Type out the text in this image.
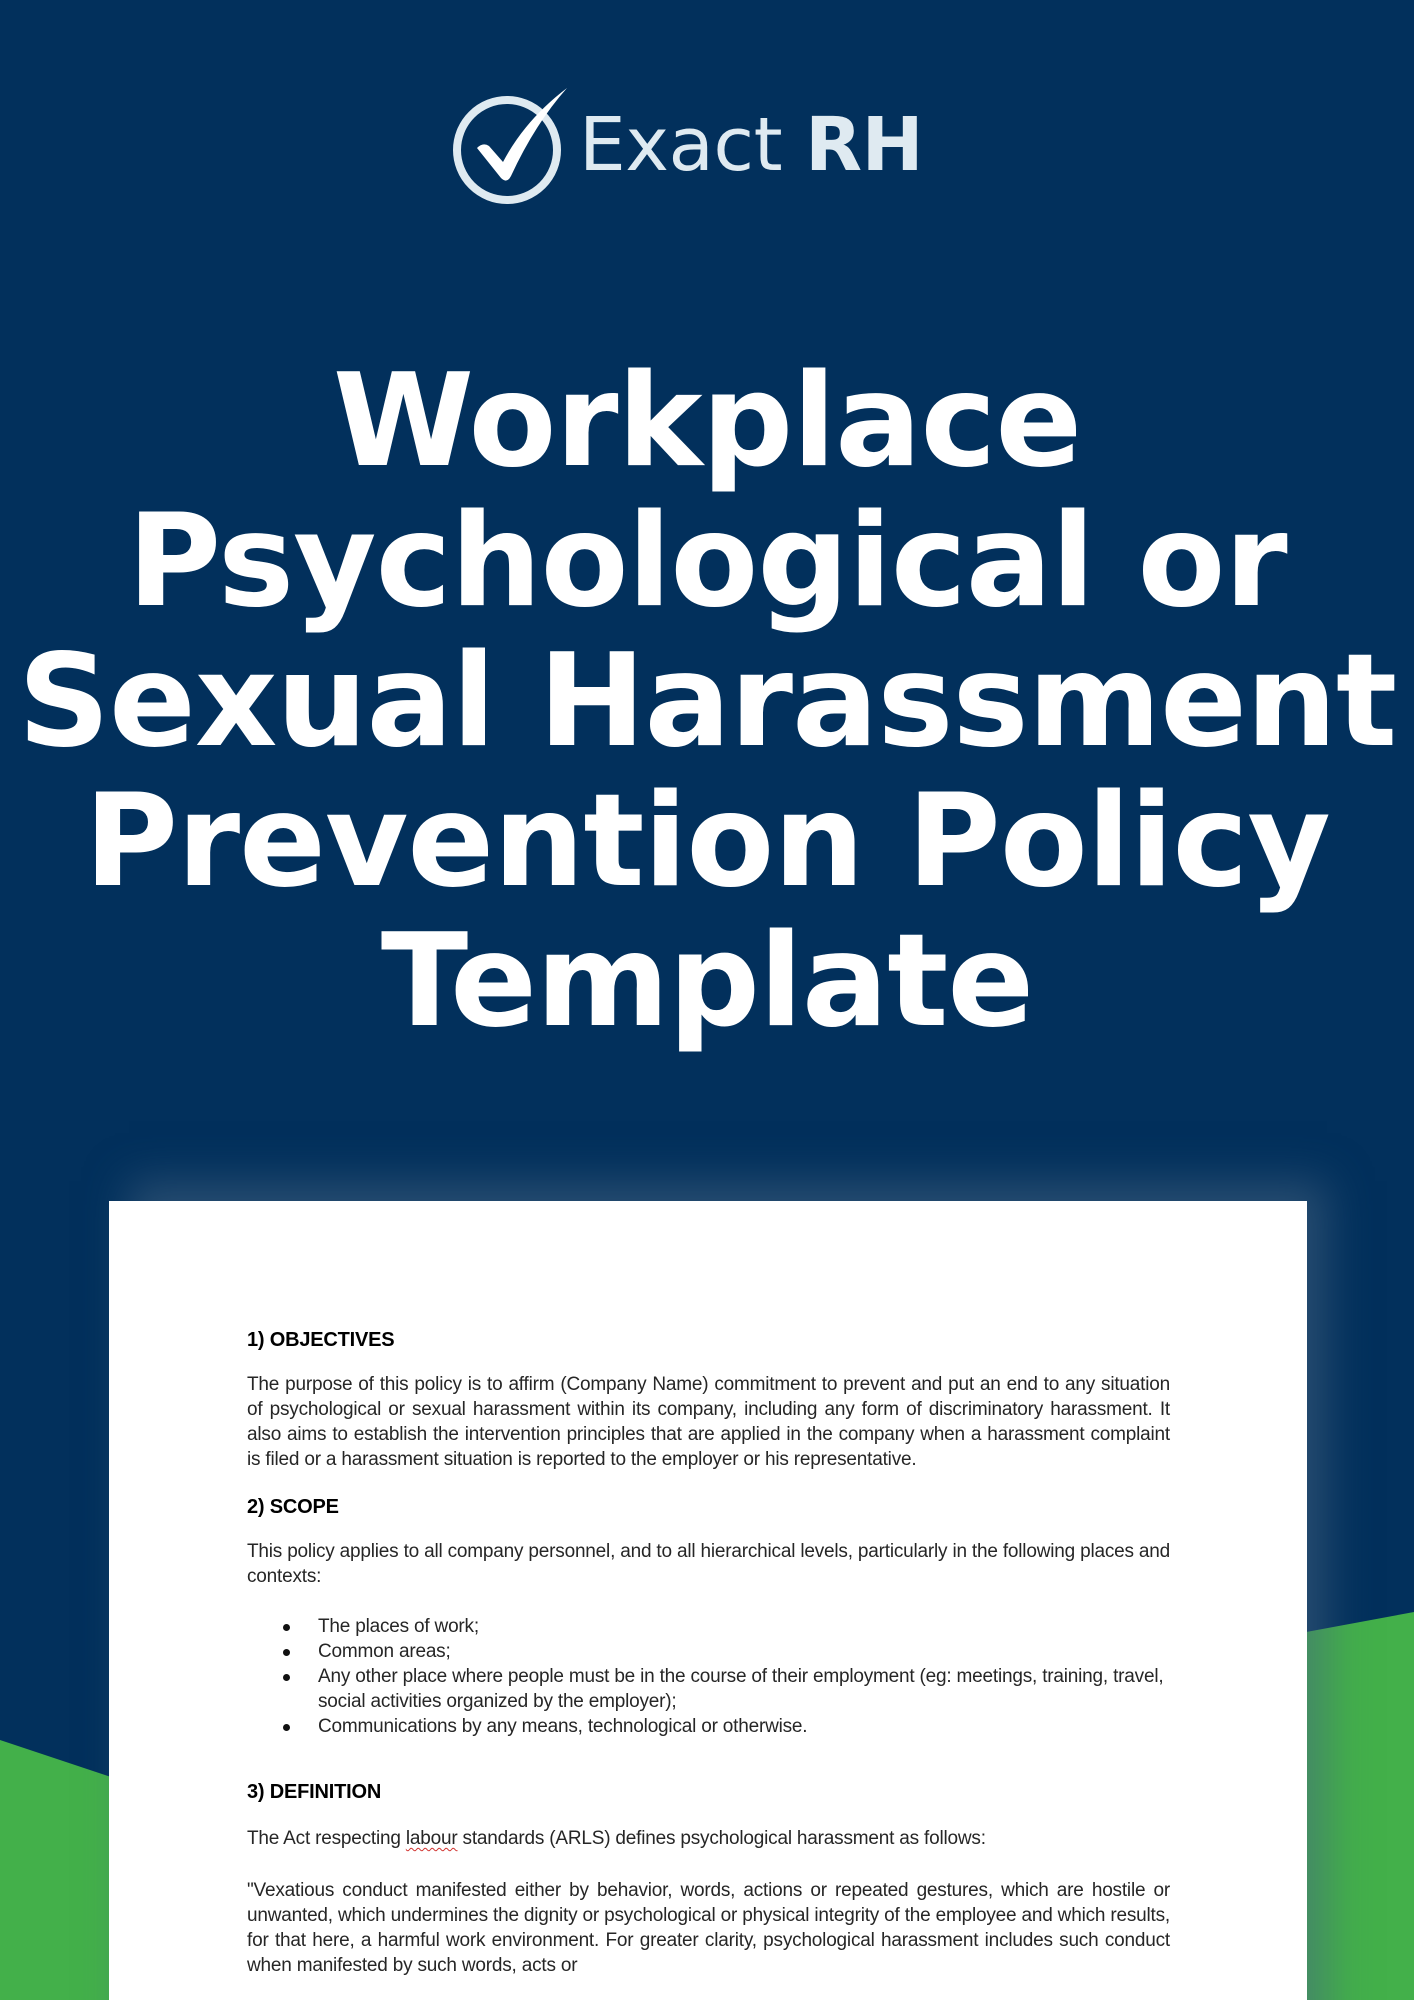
Exact RH
Workplace
Psychological or
Sexual Harassment
Prevention Policy
Template
1) OBJECTIVES

The purpose of this policy is to affirm (Company Name) commitment to prevent and put an end to any situation of psychological or sexual harassment within its company, including any form of discriminatory harassment. It also aims to establish the intervention principles that are applied in the company when a harassment complaint is filed or a harassment situation is reported to the employer or his representative.

2) SCOPE

This policy applies to all company personnel, and to all hierarchical levels, particularly in the following places and contexts:

The places of work;
Common areas;
Any other place where people must be in the course of their employment (eg: meetings, training, travel, social activities organized by the employer);
Communications by any means, technological or otherwise.
3) DEFINITION

The Act respecting labour standards (ARLS) defines psychological harassment as follows:

"Vexatious conduct manifested either by behavior, words, actions or repeated gestures, which are hostile or unwanted, which undermines the dignity or psychological or physical integrity of the employee and which results, for that here, a harmful work environment. For greater clarity, psychological harassment includes such conduct when manifested by such words, acts or
